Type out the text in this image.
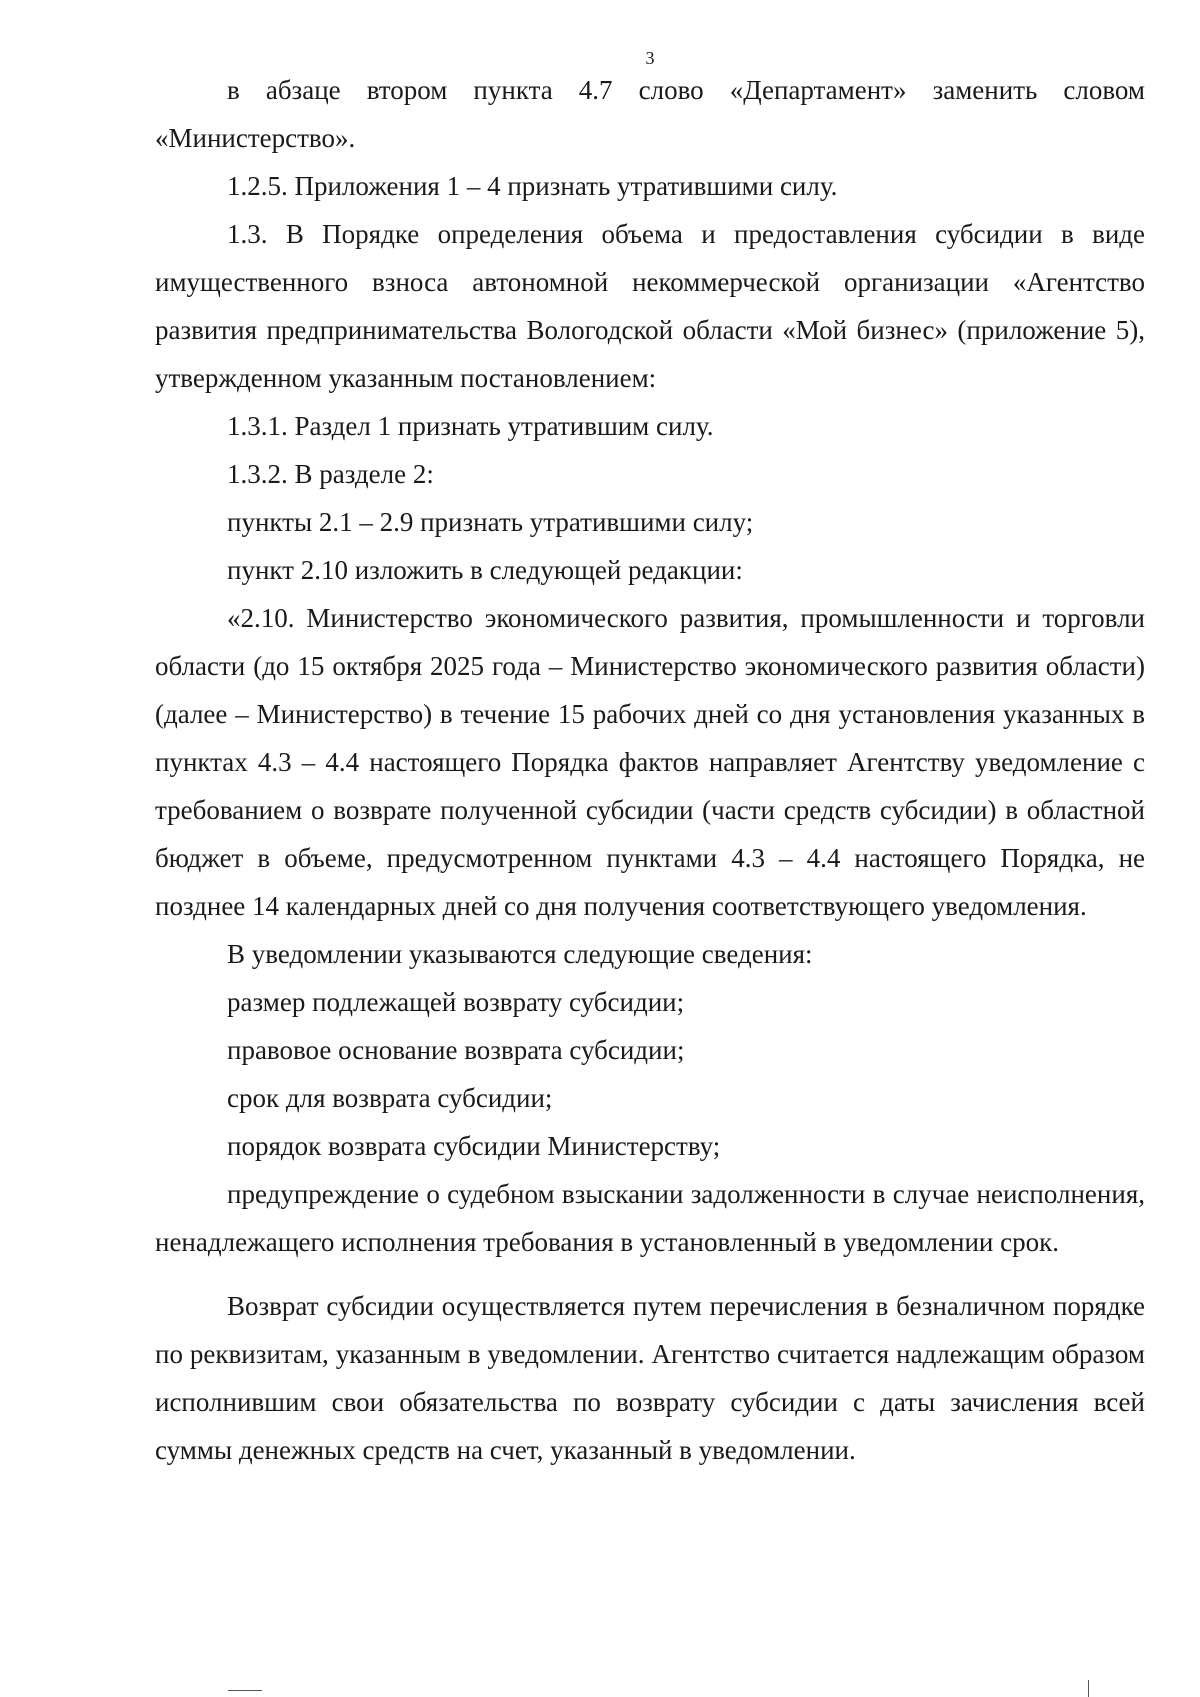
3

в абзаце втором пункта 4.7 слово «Департамент» заменить словом «Министерство».

1.2.5. Приложения 1 – 4 признать утратившими силу.

1.3. В Порядке определения объема и предоставления субсидии в виде имущественного взноса автономной некоммерческой организации «Агентство развития предпринимательства Вологодской области «Мой бизнес» (приложение 5), утвержденном указанным постановлением:

1.3.1. Раздел 1 признать утратившим силу.

1.3.2. В разделе 2:

пункты 2.1 – 2.9 признать утратившими силу;

пункт 2.10 изложить в следующей редакции:

«2.10. Министерство экономического развития, промышленности и торговли области (до 15 октября 2025 года – Министерство экономического развития области) (далее – Министерство) в течение 15 рабочих дней со дня установления указанных в пунктах 4.3 – 4.4 настоящего Порядка фактов направляет Агентству уведомление с требованием о возврате полученной субсидии (части средств субсидии) в областной бюджет в объеме, предусмотренном пунктами 4.3 – 4.4 настоящего Порядка, не позднее 14 календарных дней со дня получения соответствующего уведомления.

В уведомлении указываются следующие сведения:

размер подлежащей возврату субсидии;

правовое основание возврата субсидии;

срок для возврата субсидии;

порядок возврата субсидии Министерству;

предупреждение о судебном взыскании задолженности в случае неисполнения, ненадлежащего исполнения требования в установленный в уведомлении срок.

Возврат субсидии осуществляется путем перечисления в безналичном порядке по реквизитам, указанным в уведомлении. Агентство считается надлежащим образом исполнившим свои обязательства по возврату субсидии с даты зачисления всей суммы денежных средств на счет, указанный в уведомлении.
